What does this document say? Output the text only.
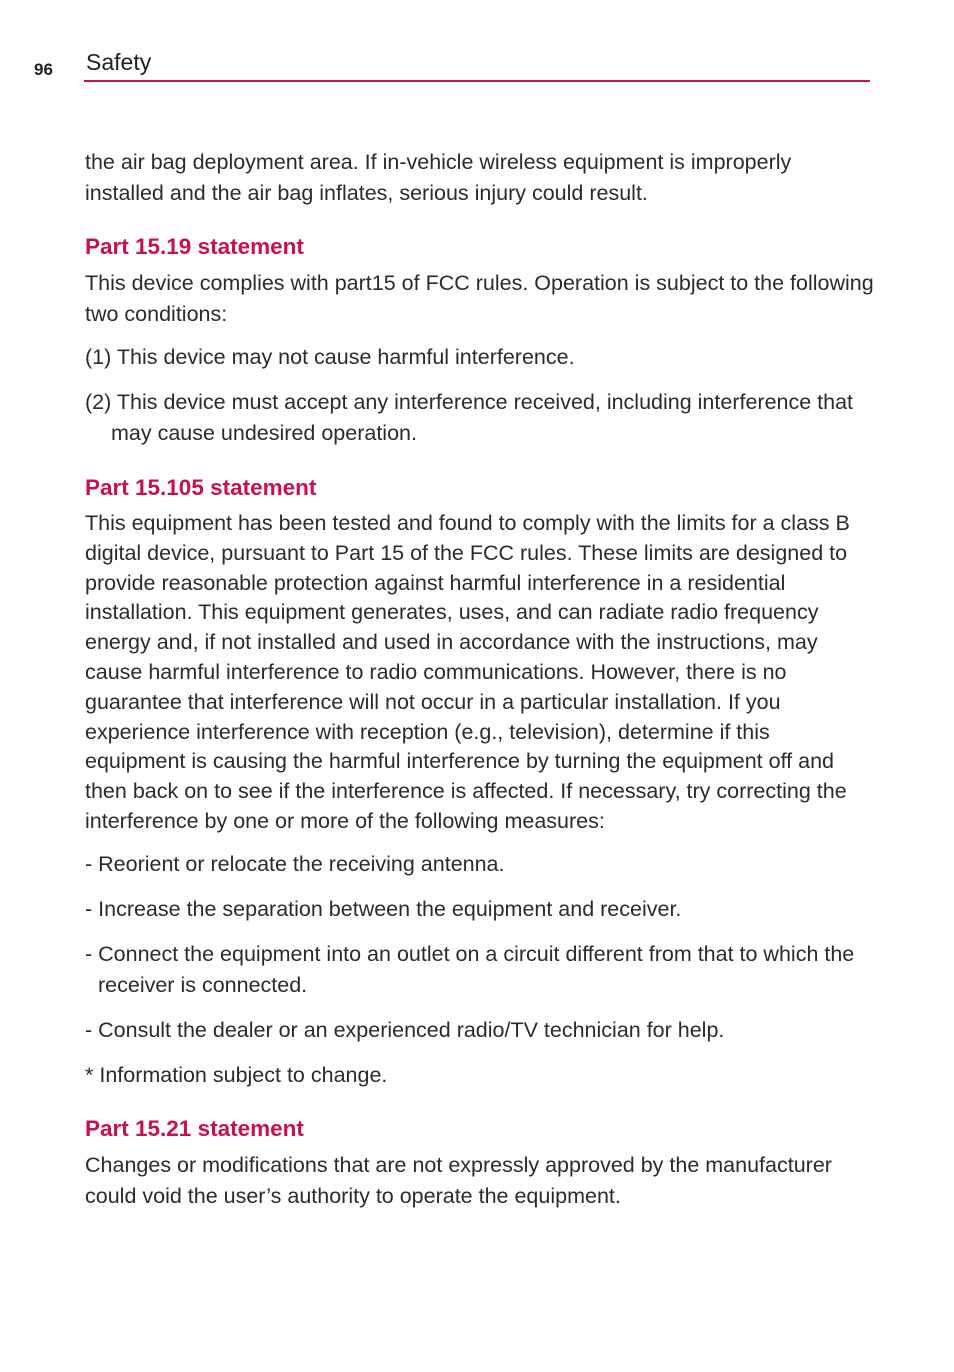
96 Safety

the air bag deployment area. If in-vehicle wireless equipment is improperly installed and the air bag inflates, serious injury could result.

Part 15.19 statement

This device complies with part15 of FCC rules. Operation is subject to the following two conditions:

(1) This device may not cause harmful interference.

(2) This device must accept any interference received, including interference that may cause undesired operation.

Part 15.105 statement

This equipment has been tested and found to comply with the limits for a class B digital device, pursuant to Part 15 of the FCC rules. These limits are designed to provide reasonable protection against harmful interference in a residential installation. This equipment generates, uses, and can radiate radio frequency energy and, if not installed and used in accordance with the instructions, may cause harmful interference to radio communications. However, there is no guarantee that interference will not occur in a particular installation. If you experience interference with reception (e.g., television), determine if this equipment is causing the harmful interference by turning the equipment off and then back on to see if the interference is affected. If necessary, try correcting the interference by one or more of the following measures:

- Reorient or relocate the receiving antenna.

- Increase the separation between the equipment and receiver.

- Connect the equipment into an outlet on a circuit different from that to which the receiver is connected.

- Consult the dealer or an experienced radio/TV technician for help.

* Information subject to change.

Part 15.21 statement

Changes or modifications that are not expressly approved by the manufacturer could void the user’s authority to operate the equipment.
